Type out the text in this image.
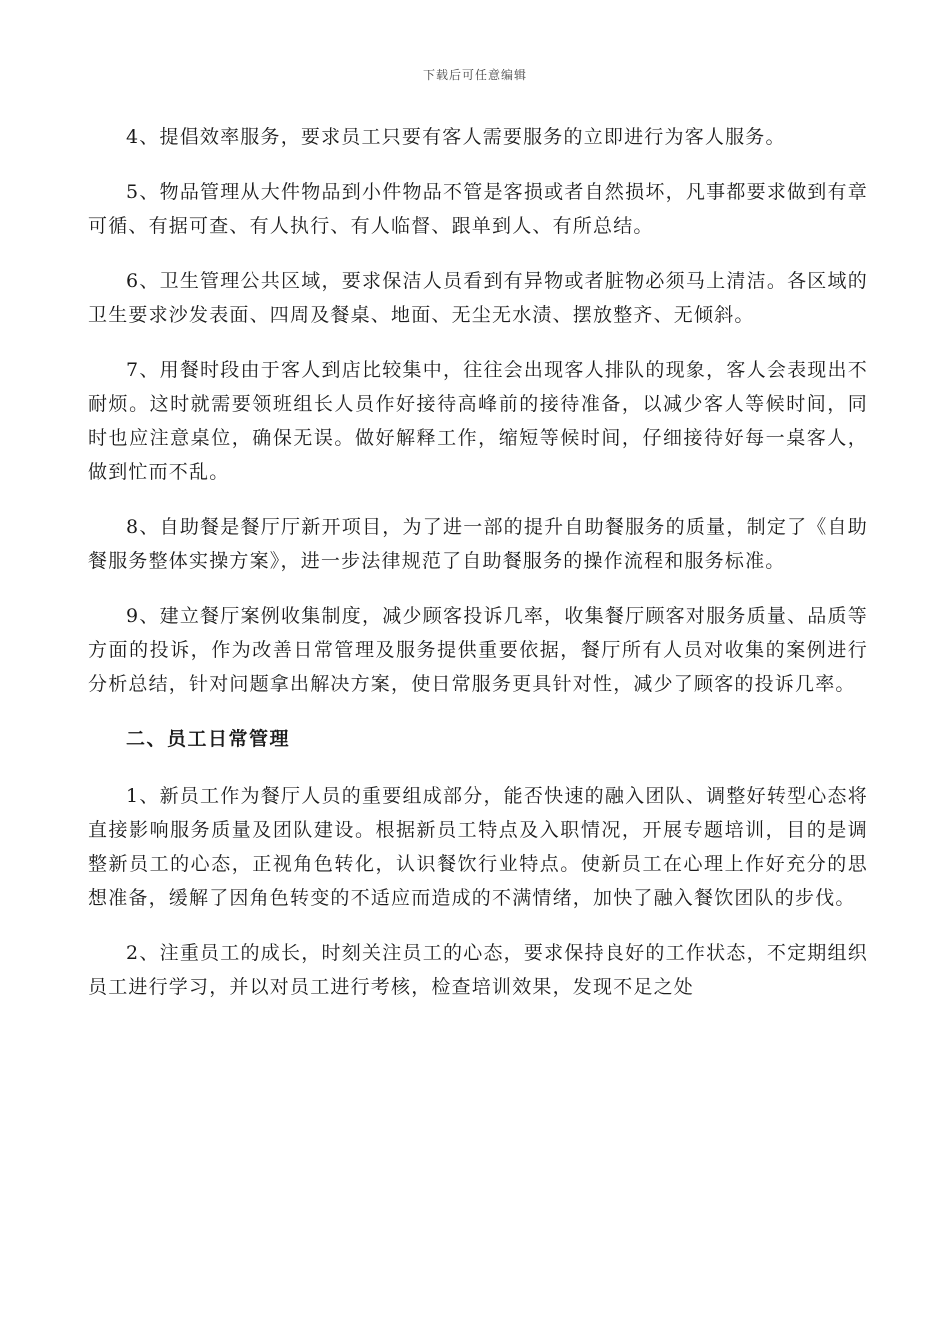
下载后可任意编辑

4、提倡效率服务，要求员工只要有客人需要服务的立即进行为客人服务。

5、物品管理从大件物品到小件物品不管是客损或者自然损坏，凡事都要求做到有章可循、有据可查、有人执行、有人临督、跟单到人、有所总结。

6、卫生管理公共区域，要求保洁人员看到有异物或者脏物必须马上清洁。各区域的卫生要求沙发表面、四周及餐桌、地面、无尘无水渍、摆放整齐、无倾斜。

7、用餐时段由于客人到店比较集中，往往会出现客人排队的现象，客人会表现出不耐烦。这时就需要领班组长人员作好接待高峰前的接待准备，以减少客人等候时间，同时也应注意桌位，确保无误。做好解释工作，缩短等候时间，仔细接待好每一桌客人，做到忙而不乱。

8、自助餐是餐厅厅新开项目，为了进一部的提升自助餐服务的质量，制定了《自助餐服务整体实操方案》，进一步法律规范了自助餐服务的操作流程和服务标准。

9、建立餐厅案例收集制度，减少顾客投诉几率，收集餐厅顾客对服务质量、品质等方面的投诉，作为改善日常管理及服务提供重要依据，餐厅所有人员对收集的案例进行分析总结，针对问题拿出解决方案，使日常服务更具针对性，减少了顾客的投诉几率。

二、员工日常管理

1、新员工作为餐厅人员的重要组成部分，能否快速的融入团队、调整好转型心态将直接影响服务质量及团队建设。根据新员工特点及入职情况，开展专题培训，目的是调整新员工的心态，正视角色转化，认识餐饮行业特点。使新员工在心理上作好充分的思想准备，缓解了因角色转变的不适应而造成的不满情绪，加快了融入餐饮团队的步伐。

2、注重员工的成长，时刻关注员工的心态，要求保持良好的工作状态，不定期组织员工进行学习，并以对员工进行考核，检查培训效果，发现不足之处
